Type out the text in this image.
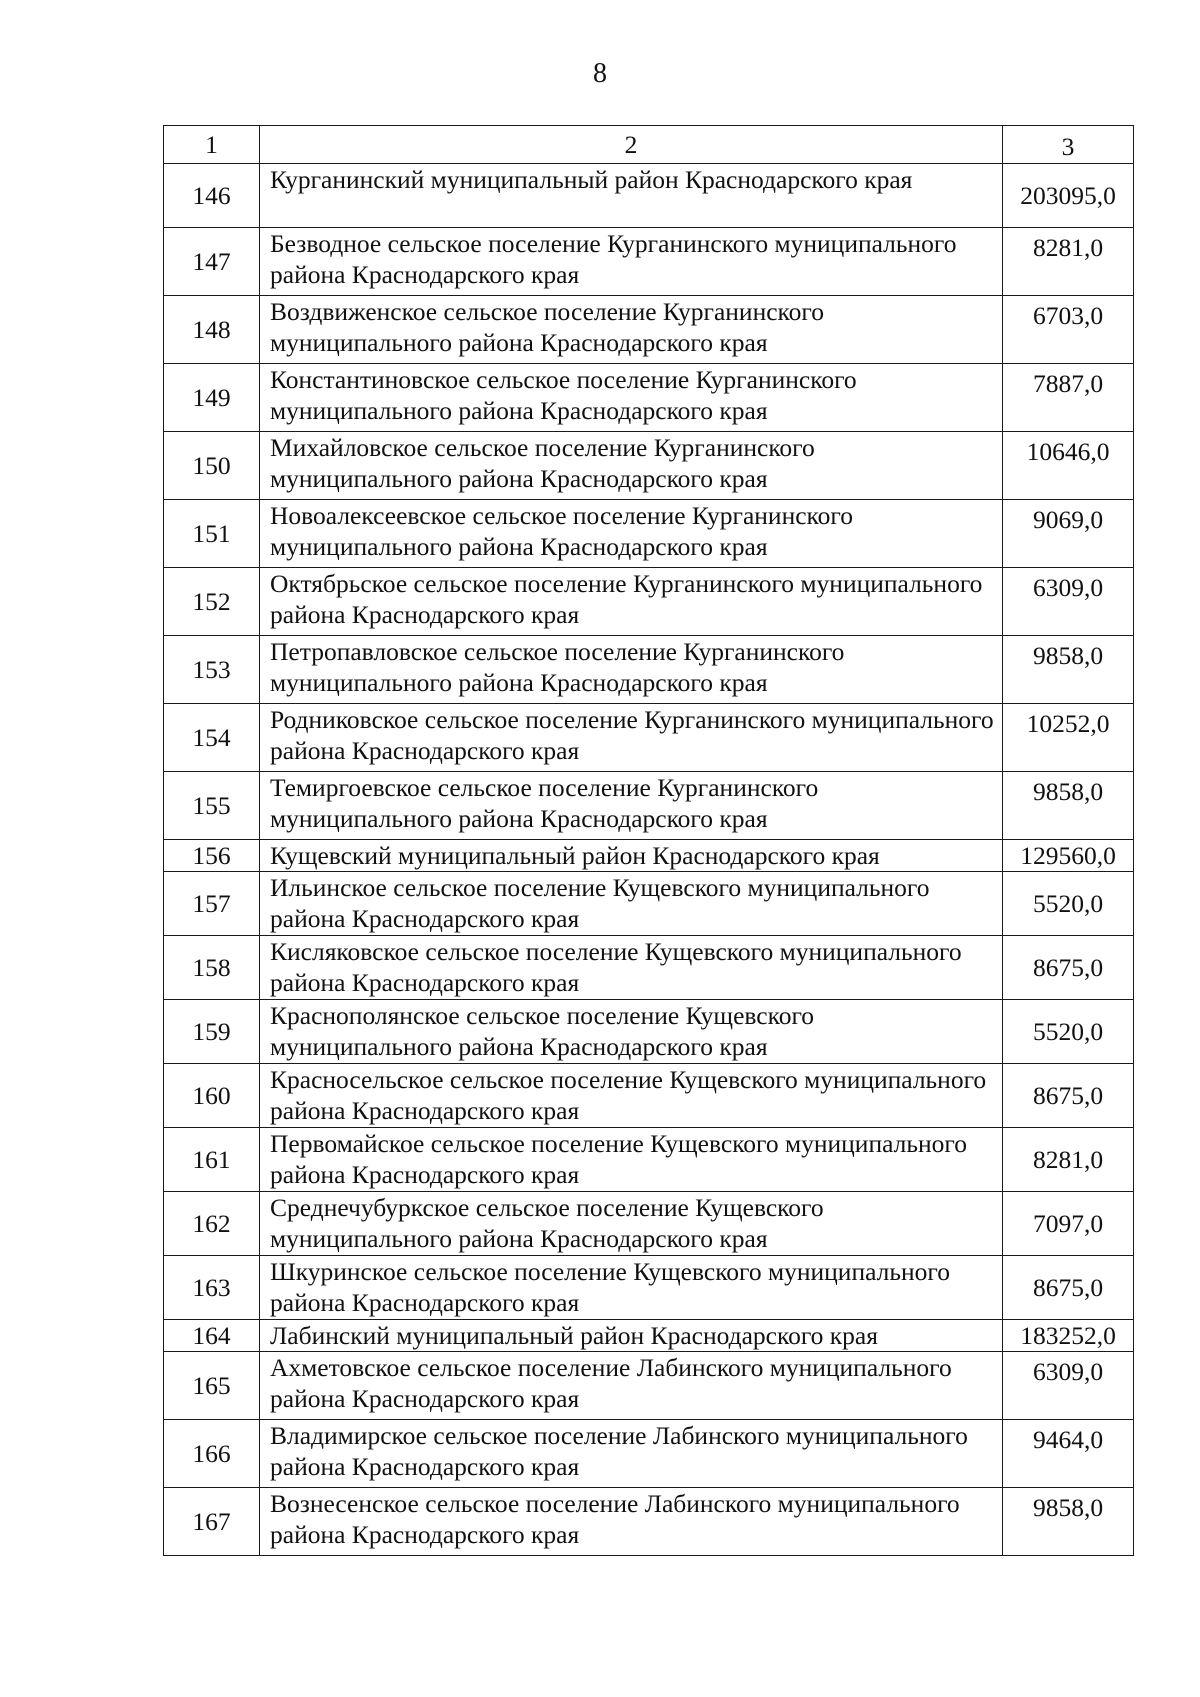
8
1	2	3
146	Курганинский муниципальный район Краснодарского края	203095,0
147	Безводное сельское поселение Курганинского муниципального района Краснодарского края	8281,0
148	Воздвиженское сельское поселение Курганинского муниципального района Краснодарского края	6703,0
149	Константиновское сельское поселение Курганинского муниципального района Краснодарского края	7887,0
150	Михайловское сельское поселение Курганинского муниципального района Краснодарского края	10646,0
151	Новоалексеевское сельское поселение Курганинского муниципального района Краснодарского края	9069,0
152	Октябрьское сельское поселение Курганинского муниципального района Краснодарского края	6309,0
153	Петропавловское сельское поселение Курганинского муниципального района Краснодарского края	9858,0
154	Родниковское сельское поселение Курганинского муниципального района Краснодарского края	10252,0
155	Темиргоевское сельское поселение Курганинского муниципального района Краснодарского края	9858,0
156	Кущевский муниципальный район Краснодарского края	129560,0
157	Ильинское сельское поселение Кущевского муниципального района Краснодарского края	5520,0
158	Кисляковское сельское поселение Кущевского муниципального района Краснодарского края	8675,0
159	Краснополянское сельское поселение Кущевского муниципального района Краснодарского края	5520,0
160	Красносельское сельское поселение Кущевского муниципального района Краснодарского края	8675,0
161	Первомайское сельское поселение Кущевского муниципального района Краснодарского края	8281,0
162	Среднечубуркское сельское поселение Кущевского муниципального района Краснодарского края	7097,0
163	Шкуринское сельское поселение Кущевского муниципального района Краснодарского края	8675,0
164	Лабинский муниципальный район Краснодарского края	183252,0
165	Ахметовское сельское поселение Лабинского муниципального района Краснодарского края	6309,0
166	Владимирское сельское поселение Лабинского муниципального района Краснодарского края	9464,0
167	Вознесенское сельское поселение Лабинского муниципального района Краснодарского края	9858,0
